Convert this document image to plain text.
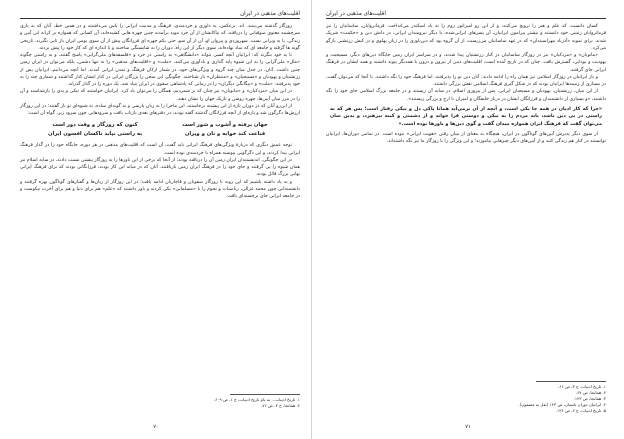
اقلیت‌های مذهبی در ایران

روزگار گذشته می‌بینند. اند. برعکس، به داوری و خردمندی، فرهنگ و مدنیت ایرانی را پاس می‌داشتند و در همین خط، آنان که به یاری سرچشمه معنوی صوفیانی را دریافته، که نیاکانشان از آن خرد موبد برآمدند چنین چهره هایی کشیده‌اند، آن کسانی که همواره بر کرانه این آیین و زندگی، پا به ویرانی بست. سهروردی و پیروان او، آن از آن سو، حتی یکم چهره ای فرزانگان پیش از آن سوی بومی ایران باز تابی بگیرند. تاریخی گونه ها گرفته و جامعه ای که بنیاد نهاده‌اند، سوی دیگر از این راه، دوران را به شایستگی ساختند و تا اندازه ای که کار خود را پیش بردند.

تا به خود بنگرند که: ایرانیان آنچه کسی بتواند «دانشگاهی» به راستی در خرد و «فلسفه‌های ملی‌گرایی» پاسخ گفتند، و به راستی چگونه «ملل» ملی‌گرایی را به این شیوه پایه گذاری و یادآوری می‌کنند، «ملت» و «اقلیت‌های مذهبی» را نه تنها دشمن، بلکه می‌توان در ایران زمین چنین داشت. آنان، در جدل میان چند گروه و ویژگی‌های خود، در شمار ارکان فرهنگ و تمدن ایرانی آمدند. اما آنچه می‌دانیم، ایرانیان پس از زرتشتیان و یهودیان و «مسیحیان» و «منتظران» باز شناختند. چگونگی این سخن را بزرگان ایرانی در کنار ایشان کنار گذاشتند و شماری چند را به خود پذیرفتند: «ملت» و «بیگانگی دیگران» را در زمانی که پادشاهی صفوی در ایران بنیاد شد، یک دوره را در گذار گذراند.

در این میان «مزدکیان» و «مانویان» نیز چنان که بر شمردیم، همگان را می‌توان یاد کرد. ایرانیان خواستند که نیکی و بدی را بازشناسند و آن را در مرز میان آیین‌ها، چهره روشن و تاریک جهان را نشان دهند.

از این‌رو آنان که در دوران تازه از این پیشینه برخاستند، این ماجرا را به زبان پارسی و به گونه‌ای ساده، به شیوه‌ای نو باز گفتند؛ در این روزگار ارزش‌ها دگرگون شد و پاره‌ای از آنچه فرزانگان گذشته گفته بودند، در دفترهای بعدی بازتاب یافت و سرودهایی چون سرود زیر، گواه آن است:

جهان برفته و آشوب و شور است
کنون که روزگار و وقت دور است
قناعت کند خوابه و نان و ویران
به راستی نیابد ناکسان افسون ایران

توجه عمیق دیگری که دربارهٔ ویژگی‌های فرهنگ ایرانی باید گفت، آن است که اقلیت‌های مذهبی در هر دوره، جایگاه خود را در گذار فرهنگ ایرانی پیدا کردند، و این دگرگونی پیوسته همراه با خردمندی بوده است.

در این چگونگی، اندیشمندان ایران زمین آن را دریافته بودند؛ از آنجا که برخی از این باورها را به روزگار پیشین نسبت دادند، در سایه اسلام نیز همان شیوه را پی گرفتند و جای خود را در فرهنگ ایران زمین بازیافتند. آنان که در میانه این کار بودند، فرزانگانی بودند که برای فرهنگ ایرانی بهایی بزرگ قائل بودند.

و به یاد داشته باشیم که این روند تا روزگار صفویان و قاجاریان ادامه یافت؛ در این روزگار از زبان‌ها و گفتارهای گوناگون بهره گرفتند و دانشمندانی چون محمد غزالی، ریاضیات و نجوم را با «مسلمانی» یکی کردند و باور داشتند که «علم» هم برای دنیا و هم برای آخرت نیکوست و در جامعه ایرانی جای برجسته‌ای یافت.

۱. تاریخ ادبیات... به نام تاریخ ادبیات، ج ۱، ص ۶۰۹.
۲. همانجا، ج ۳، ص ۷۶.
۷۰
اقلیت‌های مذهبی در ایران

کسان دانست، که علم و هنر را ترویج می‌کنند، و از این رو امپراتور روم را به یاد اسکندر می‌انداخت. فرمانروایان، ساسانیان را نیز فرمانروایان زمینی خود دانستند و بیشتر پیرامون ایرانیان، آن پسرهای ایرانی‌شده، با دیگر نیرومندان ایرانی، در دانش دین و «حکمت» شریک شدند. برای نمونه «آذرباد مهراسپندان» که در عهد ساسانیان می‌زیست، از آن گروه بود که دین‌باوری را در زبان پهلوی و در کیش زرتشتی بازگو می‌کرد.

«مانویان» و «مزدکیان» نیز در روزگار ساسانیان در کنار زرتشتیان پیدا شدند، و در سراسر ایران زمین جایگاه دین‌های دیگر، مسیحیت و یهودیت و بودایی، گسترش یافت. چنان که در تاریخ آمده است، اقلیت‌های دینی از بیرون و درون با همدیگر پیوند داشتند و همه ایشان در فرهنگ ایرانی جای گرفتند.

و باز ایرانیان در روزگار اسلامی نیز همان راه را ادامه دادند: آنان دین نو را پذیرفتند، اما فرهنگ خود را نگه داشتند. تا آنجا که می‌توان گفت، در بسیاری از زمینه‌ها ایرانیان بودند که در شکل گیری فرهنگ اسلامی نقش بزرگی داشتند.

از این میان، زرتشتیان، یهودیان و مسیحیان ایرانی، پس از پیروزی اسلام، در سایه آن زیستند و در جامعه بزرگ اسلامی جای خود را نگه داشتند، «و بسیاری از دانشمندان و فرزانگان ایشان در دربار خلیفگان و امیران با ارج و بزرگی زیستند».

«چرا که کار ادیان در همه جا یکی است، و آنچه از آن برمی‌آید همانا پاکی دل و نیکی رفتار است؛ پس هر که به راستی در پی دین باشد، باید مردم را به نیکی و دوستی فرا خواند و از دشمنی و کینه بپرهیزد، و بدین سان می‌توان گفت که فرهنگ ایران همواره میدان گفت و گوی دین‌ها و باورها بوده است.»

از سوی دیگر پذیرش آیین‌های گوناگون در ایران، هیچگاه به معنای از میان رفتن «هویت ایرانی» نبوده است. در تمامی دوران‌ها، ایرانیان توانستند در کنار هم زندگی کنند و از آیین‌های دیگر چیزهایی بیاموزند؛ و این ویژگی را تا روزگار ما نیز نگه داشته‌اند.

۱. تاریخ ادبیات، ج ۳، ص ۶۶.
۲. همانجا، ص ۶۷.
۳. همانجا، ص ۱۲۳.
۴. ایرانیان دوران باستان، ص ۱۴۳ (نقل به مضمون).
۵. تاریخ ادبیات، ج ۲، ص ۱۳۶.
۷۱
